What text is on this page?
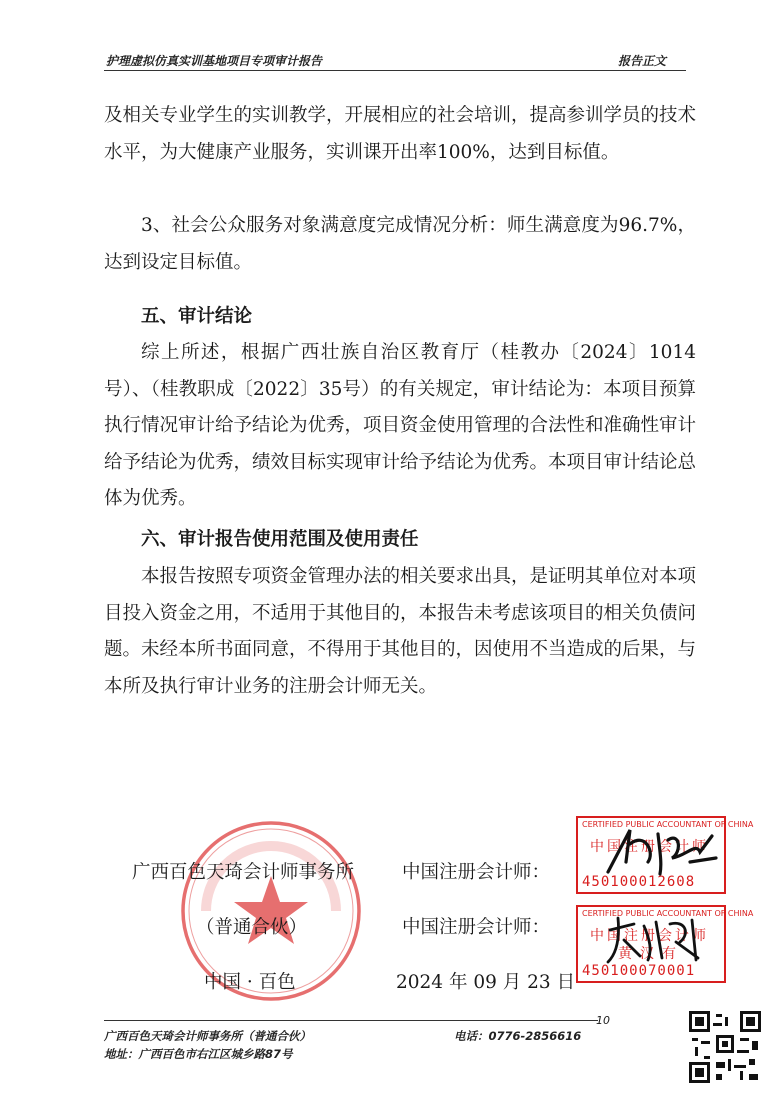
护理虚拟仿真实训基地项目专项审计报告	报告正文

及相关专业学生的实训教学，开展相应的社会培训，提高参训学员的技术水平，为大健康产业服务，实训课开出率100%，达到目标值。

3、社会公众服务对象满意度完成情况分析：师生满意度为96.7%，达到设定目标值。

五、审计结论

综上所述，根据广西壮族自治区教育厅（桂教办〔2024〕1014号）、（桂教职成〔2022〕35号）的有关规定，审计结论为：本项目预算执行情况审计给予结论为优秀，项目资金使用管理的合法性和准确性审计给予结论为优秀，绩效目标实现审计给予结论为优秀。本项目审计结论总体为优秀。

六、审计报告使用范围及使用责任

本报告按照专项资金管理办法的相关要求出具，是证明其单位对本项目投入资金之用，不适用于其他目的，本报告未考虑该项目的相关负债问题。未经本所书面同意，不得用于其他目的，因使用不当造成的后果，与本所及执行审计业务的注册会计师无关。

广西百色天琦会计师事务所
（普通合伙）
中国 · 百色
中国注册会计师：
中国注册会计师：
2024 年 09 月 23 日
CERTIFIED PUBLIC ACCOUNTANT OF CHINA
中国注册会计师
450100012608
CERTIFIED PUBLIC ACCOUNTANT OF CHINA
中国注册会计师
黄汉有
450100070001
10
广西百色天琦会计师事务所（普通合伙）	电话：0776-2856616
地址：广西百色市右江区城乡路87号
